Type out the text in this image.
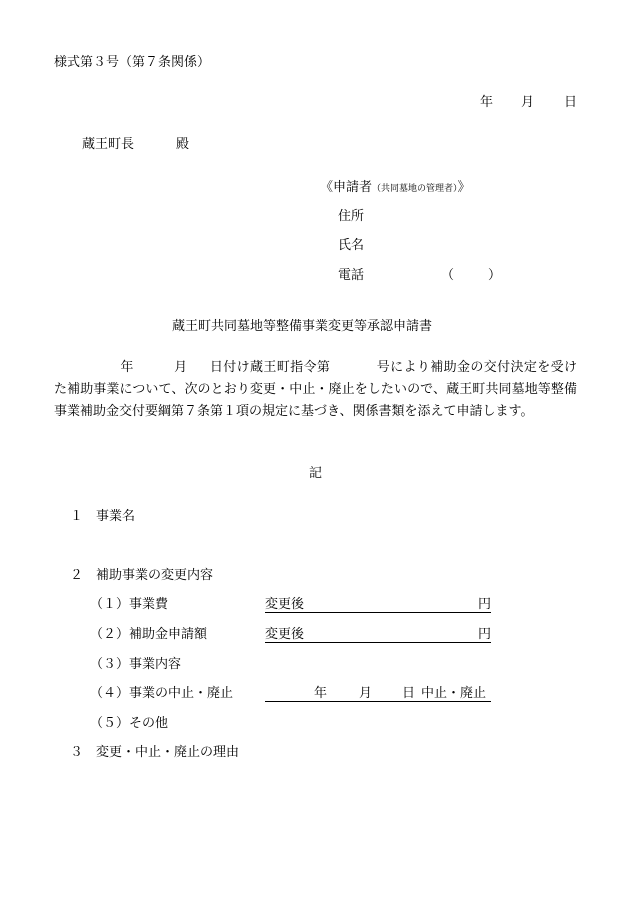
様式第３号（第７条関係）
年 月 日
蔵王町長	殿
《申請者（共同墓地の管理者）》
住所
氏名
電話	（	）
蔵王町共同墓地等整備事業変更等承認申請書
年	月 日付け蔵王町指令第	号により補助金の交付決定を受けた補助事業について、次のとおり変更・中止・廃止をしたいので、蔵王町共同墓地等整備事業補助金交付要綱第７条第１項の規定に基づき、関係書類を添えて申請します。
記
１ 事業名
２ 補助事業の変更内容
（１）事業費	変更後	円
（２）補助金申請額	変更後	円
（３）事業内容
（４）事業の中止・廃止	年 月 日 中止・廃止
（５）その他
３ 変更・中止・廃止の理由
